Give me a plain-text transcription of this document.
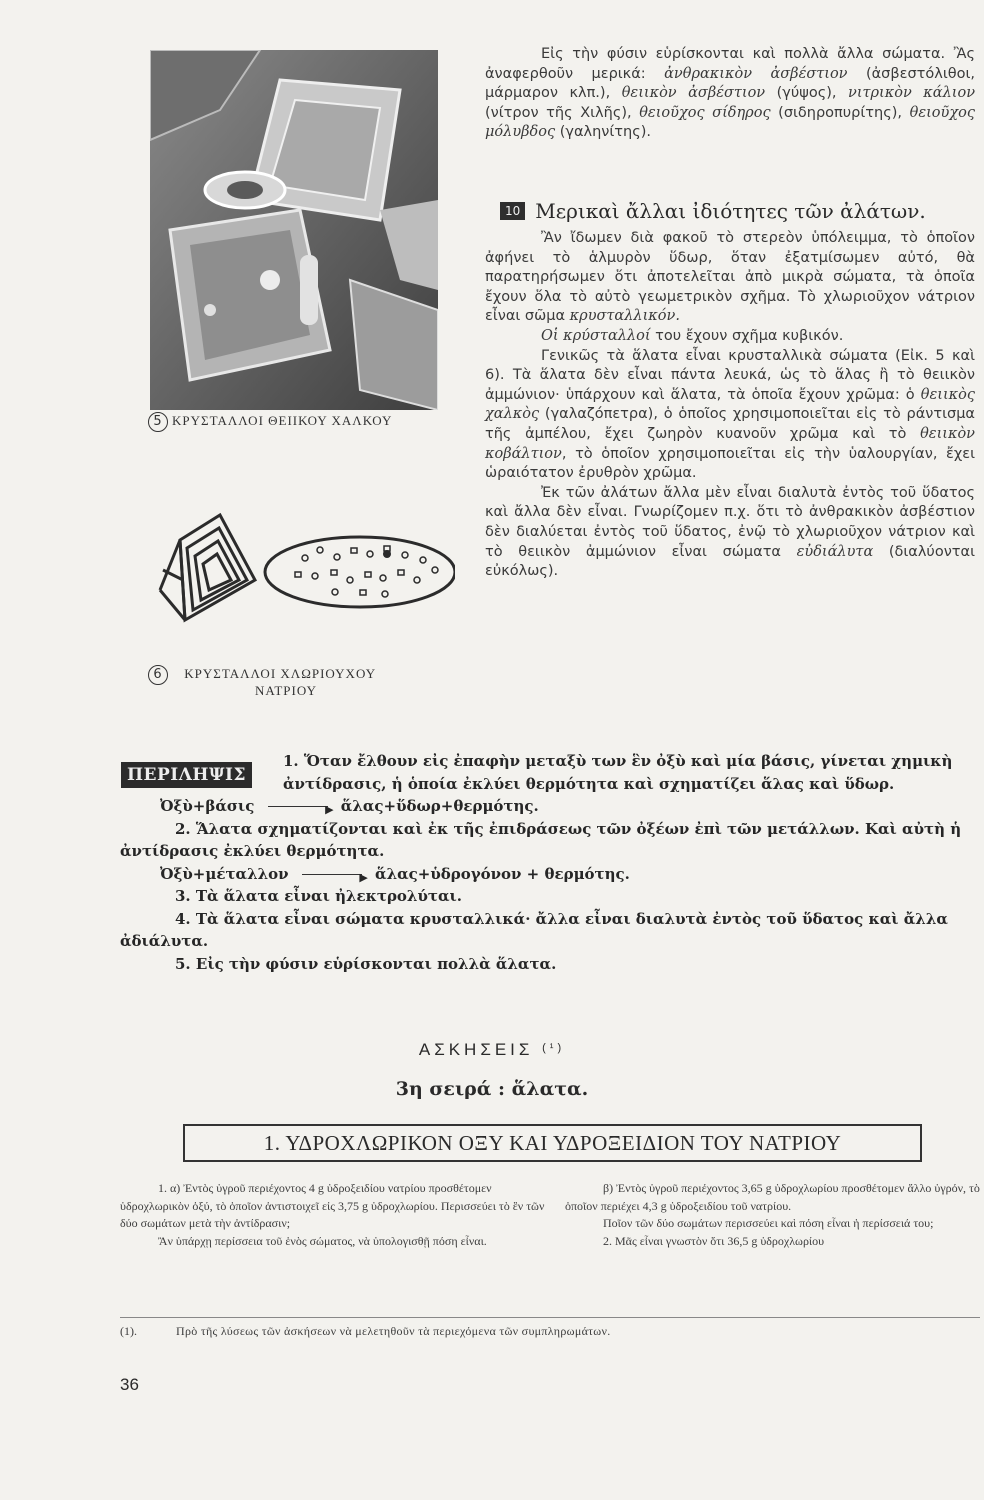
5 ΚΡΥΣΤΑΛΛΟΙ ΘΕΙΙΚΟΥ ΧΑΛΚΟΥ
6 ΚΡΥΣΤΑΛΛΟΙ ΧΛΩΡΙΟΥΧΟΥ
ΝΑΤΡΙΟΥ

Εἰς τὴν φύσιν εὑρίσκονται καὶ πολλὰ ἄλλα σώματα. Ἂς ἀναφερθοῦν μερικά: ἀνθρακικὸν ἀσβέστιον (ἀσβεστόλιθοι, μάρμαρον κλπ.), θειικὸν ἀσβέστιον (γύψος), νιτρικὸν κάλιον (νίτρον τῆς Χιλῆς), θειοῦχος σίδηρος (σιδηροπυρίτης), θειοῦχος μόλυβδος (γαληνίτης).

10 Μερικαὶ ἄλλαι ἰδιότητες τῶν ἀλάτων.

Ἂν ἴδωμεν διὰ φακοῦ τὸ στερεὸν ὑπόλειμμα, τὸ ὁποῖον ἀφήνει τὸ ἁλμυρὸν ὕδωρ, ὅταν ἐξατμίσωμεν αὐτό, θὰ παρατηρήσωμεν ὅτι ἀποτελεῖται ἀπὸ μικρὰ σώματα, τὰ ὁποῖα ἔχουν ὅλα τὸ αὐτὸ γεωμετρικὸν σχῆμα. Τὸ χλωριοῦχον νάτριον εἶναι σῶμα κρυσταλλικόν.

Οἱ κρύσταλλοί του ἔχουν σχῆμα κυβικόν.

Γενικῶς τὰ ἅλατα εἶναι κρυσταλλικὰ σώματα (Εἰκ. 5 καὶ 6). Τὰ ἅλατα δὲν εἶναι πάντα λευκά, ὡς τὸ ἅλας ἢ τὸ θειικὸν ἀμμώνιον· ὑπάρχουν καὶ ἅλατα, τὰ ὁποῖα ἔχουν χρῶμα: ὁ θειικὸς χαλκὸς (γαλαζόπετρα), ὁ ὁποῖος χρησιμοποιεῖται εἰς τὸ ράντισμα τῆς ἀμπέλου, ἔχει ζωηρὸν κυανοῦν χρῶμα καὶ τὸ θειικὸν κοβάλτιον, τὸ ὁποῖον χρησιμοποιεῖται εἰς τὴν ὑαλουργίαν, ἔχει ὡραιότατον ἐρυθρὸν χρῶμα.

Ἐκ τῶν ἀλάτων ἄλλα μὲν εἶναι διαλυτὰ ἐντὸς τοῦ ὕδατος καὶ ἄλλα δὲν εἶναι. Γνωρίζομεν π.χ. ὅτι τὸ ἀνθρακικὸν ἀσβέστιον δὲν διαλύεται ἐντὸς τοῦ ὕδατος, ἐνῷ τὸ χλωριοῦχον νάτριον καὶ τὸ θειικὸν ἀμμώνιον εἶναι σώματα εὐδιάλυτα (διαλύονται εὐκόλως).

ΠΕΡΙΛΗΨΙΣ
1. Ὅταν ἔλθουν εἰς ἐπαφὴν μεταξὺ των ἓν ὀξὺ καὶ μία βάσις, γίνεται χημικὴ ἀντίδρασις, ἡ ὁποία ἐκλύει θερμότητα καὶ σχηματίζει ἅλας καὶ ὕδωρ.
Ὀξὺ+βάσις	▶ ἅλας+ὕδωρ+θερμότης.
2. Ἅλατα σχηματίζονται καὶ ἐκ τῆς ἐπιδράσεως τῶν ὀξέων ἐπὶ τῶν μετάλλων. Καὶ αὐτὴ ἡ ἀντίδρασις ἐκλύει θερμότητα.
Ὀξὺ+μέταλλον	▶ ἅλας+ὑδρογόνον + θερμότης.
3. Τὰ ἅλατα εἶναι ἠλεκτρολύται.
4. Τὰ ἅλατα εἶναι σώματα κρυσταλλικά· ἄλλα εἶναι διαλυτὰ ἐντὸς τοῦ ὕδατος καὶ ἄλλα ἀδιάλυτα.
5. Εἰς τὴν φύσιν εὑρίσκονται πολλὰ ἅλατα.
ΑΣΚΗΣΕΙΣ $^{(^1)}$
3η σειρά : ἅλατα.
1. ΥΔΡΟΧΛΩΡΙΚΟΝ ΟΞΥ ΚΑΙ ΥΔΡΟΞΕΙΔΙΟΝ ΤΟΥ ΝΑΤΡΙΟΥ

1. α) Ἐντὸς ὑγροῦ περιέχοντος 4 g ὑδροξειδίου νατρίου προσθέτομεν ὑδροχλωρικὸν ὀξύ, τὸ ὁποῖον ἀντιστοιχεῖ εἰς 3,75 g ὑδροχλωρίου. Περισσεύει τὸ ἓν τῶν δύο σωμάτων μετὰ τὴν ἀντίδρασιν;

Ἂν ὑπάρχῃ περίσσεια τοῦ ἑνὸς σώματος, νὰ ὑπολογισθῇ πόση εἶναι.

β) Ἐντὸς ὑγροῦ περιέχοντος 3,65 g ὑδροχλωρίου προσθέτομεν ἄλλο ὑγρόν, τὸ ὁποῖον περιέχει 4,3 g ὑδροξειδίου τοῦ νατρίου.

Ποῖον τῶν δύο σωμάτων περισσεύει καὶ πόση εἶναι ἡ περίσσειά του;

2. Μᾶς εἶναι γνωστὸν ὅτι 36,5 g ὑδροχλωρίου

(1).	Πρὸ τῆς λύσεως τῶν ἀσκήσεων νὰ μελετηθοῦν τὰ περιεχόμενα τῶν συμπληρωμάτων.
36
